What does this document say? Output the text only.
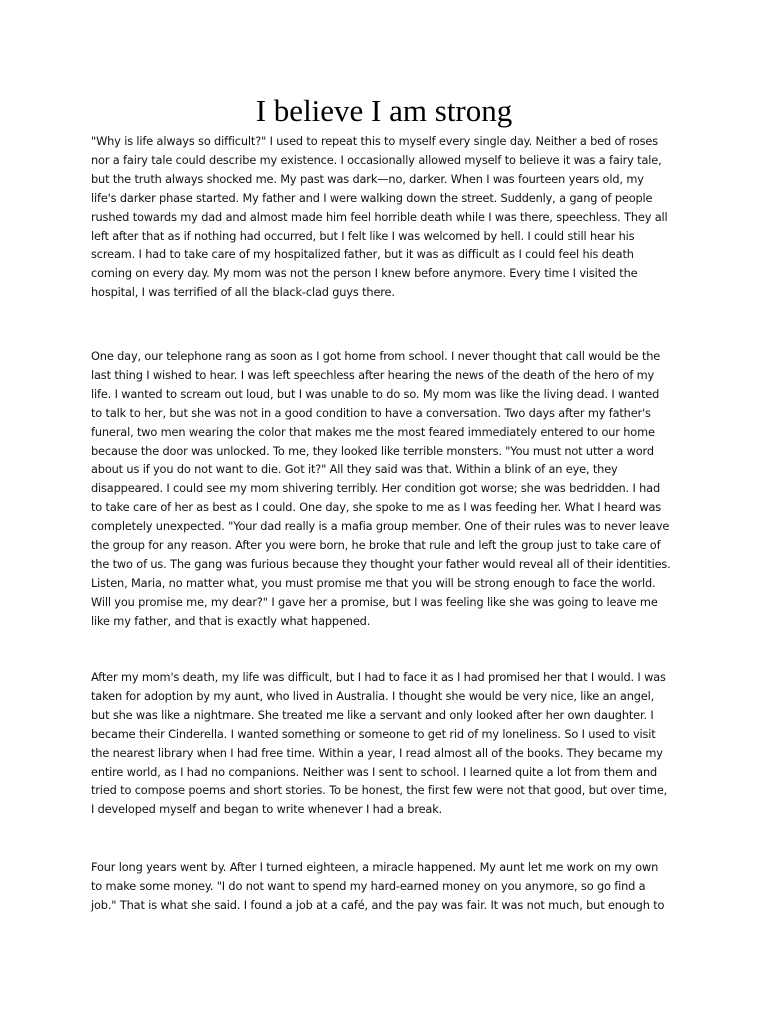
I believe I am strong
"Why is life always so difficult?" I used to repeat this to myself every single day. Neither a bed of roses
nor a fairy tale could describe my existence. I occasionally allowed myself to believe it was a fairy tale,
but the truth always shocked me. My past was dark—no, darker. When I was fourteen years old, my
life's darker phase started. My father and I were walking down the street. Suddenly, a gang of people
rushed towards my dad and almost made him feel horrible death while I was there, speechless. They all
left after that as if nothing had occurred, but I felt like I was welcomed by hell. I could still hear his
scream. I had to take care of my hospitalized father, but it was as difficult as I could feel his death
coming on every day. My mom was not the person I knew before anymore. Every time I visited the
hospital, I was terrified of all the black-clad guys there.
One day, our telephone rang as soon as I got home from school. I never thought that call would be the
last thing I wished to hear. I was left speechless after hearing the news of the death of the hero of my
life. I wanted to scream out loud, but I was unable to do so. My mom was like the living dead. I wanted
to talk to her, but she was not in a good condition to have a conversation. Two days after my father's
funeral, two men wearing the color that makes me the most feared immediately entered to our home
because the door was unlocked. To me, they looked like terrible monsters. "You must not utter a word
about us if you do not want to die. Got it?" All they said was that. Within a blink of an eye, they
disappeared. I could see my mom shivering terribly. Her condition got worse; she was bedridden. I had
to take care of her as best as I could. One day, she spoke to me as I was feeding her. What I heard was
completely unexpected. "Your dad really is a mafia group member. One of their rules was to never leave
the group for any reason. After you were born, he broke that rule and left the group just to take care of
the two of us. The gang was furious because they thought your father would reveal all of their identities.
Listen, Maria, no matter what, you must promise me that you will be strong enough to face the world.
Will you promise me, my dear?" I gave her a promise, but I was feeling like she was going to leave me
like my father, and that is exactly what happened.
After my mom's death, my life was difficult, but I had to face it as I had promised her that I would. I was
taken for adoption by my aunt, who lived in Australia. I thought she would be very nice, like an angel,
but she was like a nightmare. She treated me like a servant and only looked after her own daughter. I
became their Cinderella. I wanted something or someone to get rid of my loneliness. So I used to visit
the nearest library when I had free time. Within a year, I read almost all of the books. They became my
entire world, as I had no companions. Neither was I sent to school. I learned quite a lot from them and
tried to compose poems and short stories. To be honest, the first few were not that good, but over time,
I developed myself and began to write whenever I had a break.
Four long years went by. After I turned eighteen, a miracle happened. My aunt let me work on my own
to make some money. "I do not want to spend my hard-earned money on you anymore, so go find a
job." That is what she said. I found a job at a café, and the pay was fair. It was not much, but enough to
